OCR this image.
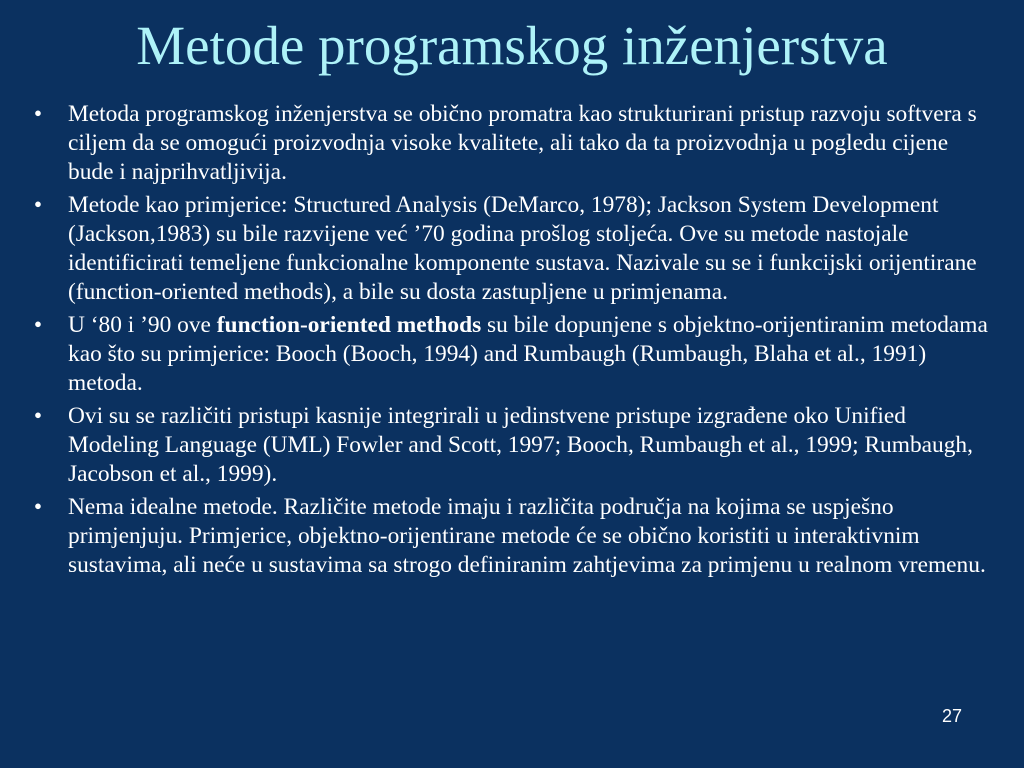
Metode programskog inženjerstva
• Metoda programskog inženjerstva se obično promatra kao strukturirani pristup razvoju softvera s ciljem da se omogući proizvodnja visoke kvalitete, ali tako da ta proizvodnja u pogledu cijene bude i najprihvatljivija.
• Metode kao primjerice: Structured Analysis (DeMarco, 1978); Jackson System Development (Jackson,1983) su bile razvijene već ’70 godina prošlog stoljeća. Ove su metode nastojale identificirati temeljene funkcionalne komponente sustava. Nazivale su se i funkcijski orijentirane (function-oriented methods), a bile su dosta zastupljene u primjenama.
• U ‘80 i ’90 ove function-oriented methods su bile dopunjene s objektno-orijentiranim metodama kao što su primjerice: Booch (Booch, 1994) and Rumbaugh (Rumbaugh, Blaha et al., 1991) metoda.
• Ovi su se različiti pristupi kasnije integrirali u jedinstvene pristupe izgrađene oko Unified Modeling Language (UML) Fowler and Scott, 1997; Booch, Rumbaugh et al., 1999; Rumbaugh, Jacobson et al., 1999).
• Nema idealne metode. Različite metode imaju i različita područja na kojima se uspješno primjenjuju. Primjerice, objektno-orijentirane metode će se obično koristiti u interaktivnim sustavima, ali neće u sustavima sa strogo definiranim zahtjevima za primjenu u realnom vremenu.
27
